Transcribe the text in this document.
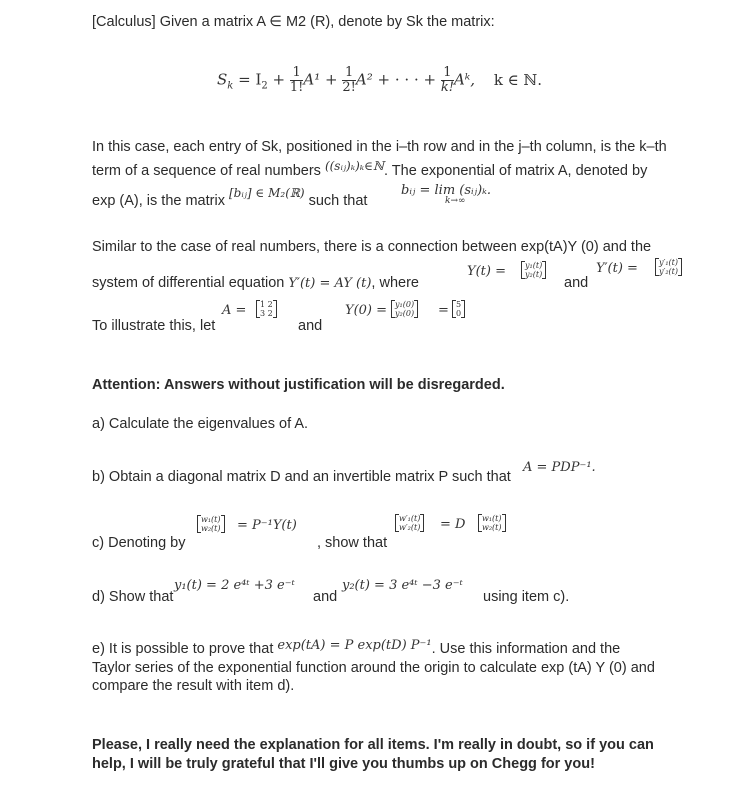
[Calculus] Given a matrix A ∈ M2 (R), denote by Sk the matrix:
$S_k = I_2 + \frac{1}{1!} A^1 + \frac{1}{2!} A^2$ + · · · + $\frac{1}{k!}$ Aᵏ, k ∈ ℕ.
In this case, each entry of Sk, positioned in the i–th row and in the j–th column, is the k–th
term of a sequence of real numbers $^{((sᵢⱼ)_k)_k\in ℕ}$. The exponential of matrix A, denoted by
exp (A), is the matrix $^{[bᵢⱼ] \in M_2(ℝ)}$ such that
bᵢⱼ = lim (sᵢⱼ)ₖ.
k→∞
Similar to the case of real numbers, there is a connection between exp(tA)Y (0) and the
system of differential equation Y′(t) = AY (t), where
Y(t) = y₁(t)
y₂(t)
and
Y′(t) =	y′₁(t)
y′₂(t)
To illustrate this, let
A = 1 2
3 2
and
Y(0) = y₁(0)
y₂(0) = 5
0
Attention: Answers without justification will be disregarded.
a) Calculate the eigenvalues of A.
b) Obtain a diagonal matrix D and an invertible matrix P such that
A = PDP⁻¹.
c) Denoting by
w₁(t)
w₂(t) = P⁻¹Y(t)
, show that
w′₁(t)
w′₂(t) = D w₁(t)
w₂(t)
d) Show that
y₁(t) = 2 e⁴ᵗ +3 e⁻ᵗ
and
y₂(t) = 3 e⁴ᵗ −3 e⁻ᵗ
using item c).
e) It is possible to prove that exp(tA) = P exp(tD) P⁻¹. Use this information and the
Taylor series of the exponential function around the origin to calculate exp (tA) Y (0) and
compare the result with item d).
Please, I really need the explanation for all items. I'm really in doubt, so if you can
help, I will be truly grateful that I'll give you thumbs up on Chegg for you!
